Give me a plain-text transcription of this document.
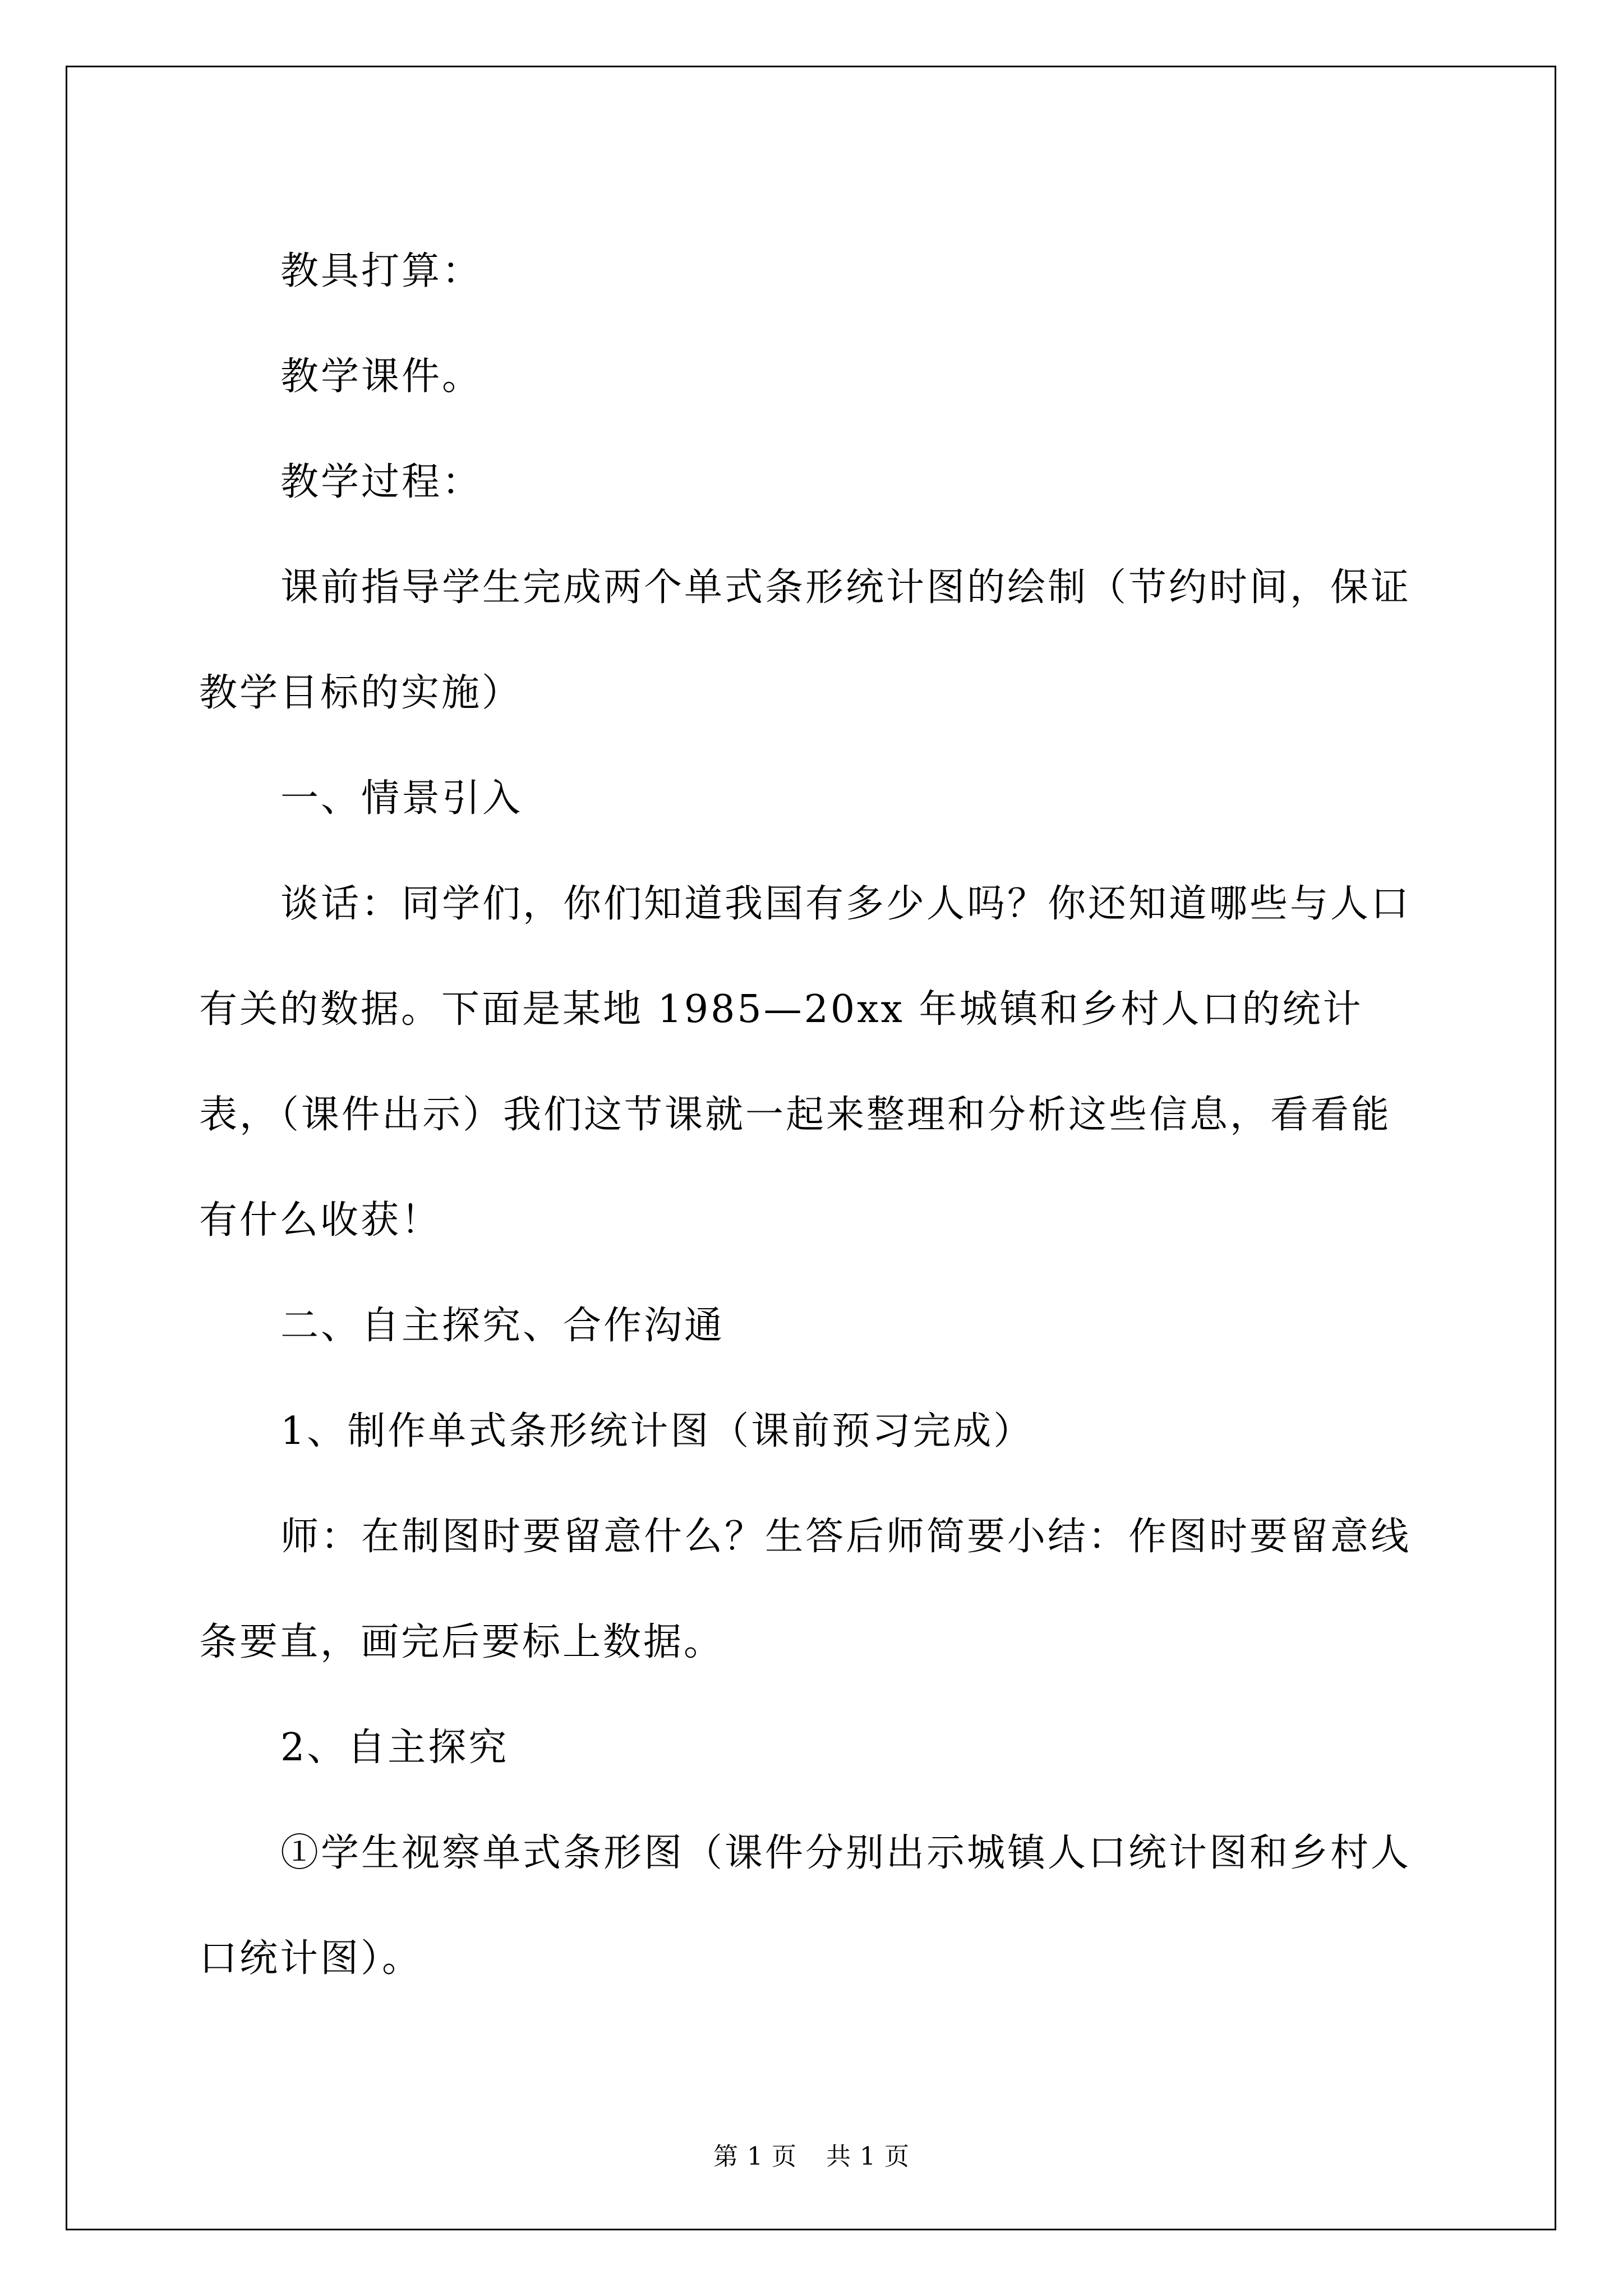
教具打算：

教学课件。

教学过程：

课前指导学生完成两个单式条形统计图的绘制（节约时间，保证教学目标的实施）

一、情景引入

谈话：同学们，你们知道我国有多少人吗？你还知道哪些与人口有关的数据。下面是某地 1985—20xx 年城镇和乡村人口的统计表，（课件出示）我们这节课就一起来整理和分析这些信息，看看能有什么收获！

二、自主探究、合作沟通

1、制作单式条形统计图（课前预习完成）

师：在制图时要留意什么？生答后师简要小结：作图时要留意线条要直，画完后要标上数据。

2、自主探究

①学生视察单式条形图（课件分别出示城镇人口统计图和乡村人口统计图）。

第 1 页 共 1 页
